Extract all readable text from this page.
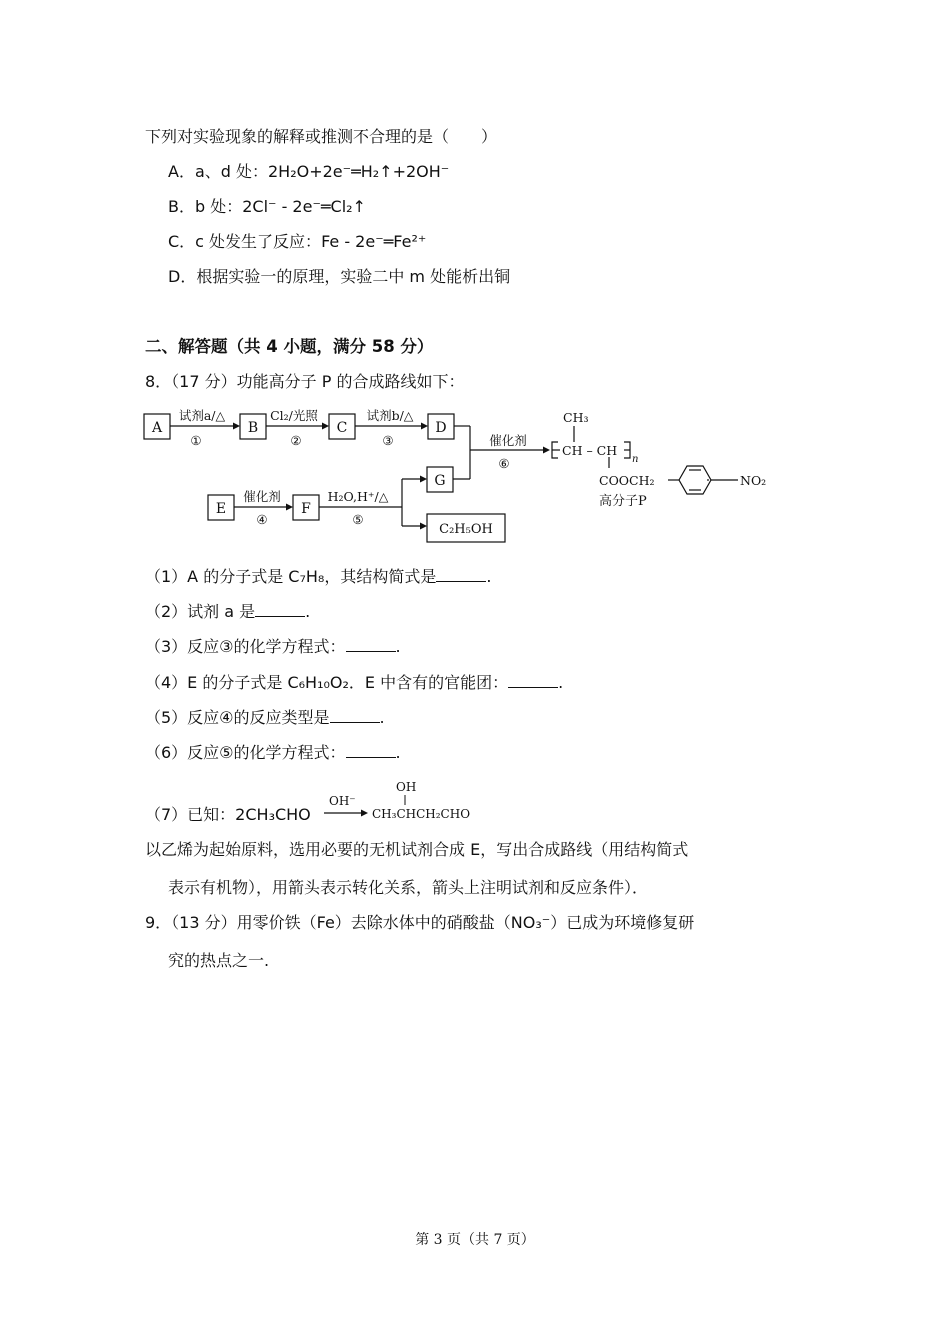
下列对实验现象的解释或推测不合理的是（　　）
A．a、d 处：2H₂O+2e⁻═H₂↑+2OH⁻
B．b 处：2Cl⁻ - 2e⁻═Cl₂↑
C．c 处发生了反应：Fe - 2e⁻═Fe²⁺
D．根据实验一的原理，实验二中 m 处能析出铜
二、解答题（共 4 小题，满分 58 分）
8．（17 分）功能高分子 P 的合成路线如下：
A	B	C	D
E	F
G
C₂H₅OH
试剂a/△
①
Cl₂/光照
②
试剂b/△
③
催化剂
④
H₂O,H⁺/△
⑤
催化剂
⑥
CH₃
CH – CH
n
COOCH₂	NO₂
高分子P
（1）A 的分子式是 C₇H₈，其结构简式是	.
（2）试剂 a 是	.
（3）反应③的化学方程式：	.
（4）E 的分子式是 C₆H₁₀O₂．E 中含有的官能团：	.
（5）反应④的反应类型是	.
（6）反应⑤的化学方程式：	.
（7）已知：2CH₃CHO
OH⁻
OH
CH₃CHCH₂CHO
以乙烯为起始原料，选用必要的无机试剂合成 E，写出合成路线（用结构简式
表示有机物），用箭头表示转化关系，箭头上注明试剂和反应条件）．
9．（13 分）用零价铁（Fe）去除水体中的硝酸盐（NO₃⁻）已成为环境修复研
究的热点之一.
第 3 页（共 7 页）
